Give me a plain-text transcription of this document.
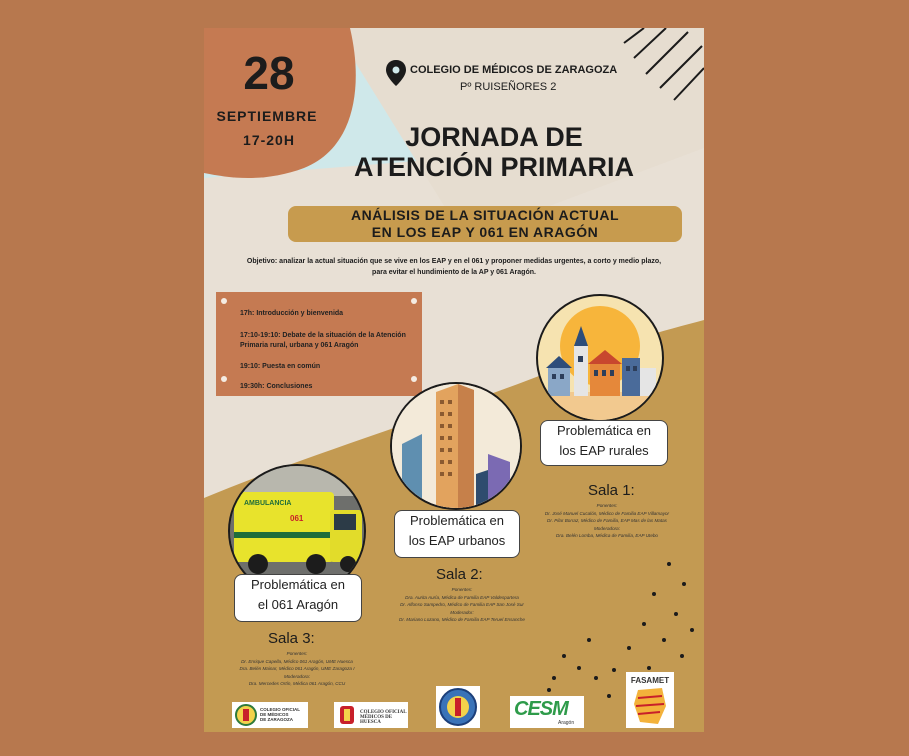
28
SEPTIEMBRE
17-20H
COLEGIO DE MÉDICOS DE ZARAGOZA
Pº RUISEÑORES 2
JORNADA DE
ATENCIÓN PRIMARIA
ANÁLISIS DE LA SITUACIÓN ACTUAL
EN LOS EAP Y 061 EN ARAGÓN
Objetivo: analizar la actual situación que se vive en los EAP y en el 061 y proponer medidas urgentes, a corto y medio plazo,
para evitar el hundimiento de la AP y 061 Aragón.
17h: Introducción y bienvenida
17:10-19:10: Debate de la situación de la Atención Primaria rural, urbana y 061 Aragón
19:10: Puesta en común
19:30h: Conclusiones
Problemática en
los EAP rurales
Sala 1:
Ponentes:
Dr. José Manuel Cucalón, Médico de Familia EAP Villamayor
Dr. Pilar Borraz, Médico de Familia, EAP Mas de las Matas
Moderadora:
Dra. Belén Lomba, Médica de Familia, EAP Utebo
Problemática en
los EAP urbanos
Sala 2:
Ponentes:
Dra. Aurita Auría, Médica de Familia EAP Valdespartera
Dr. Alfonso Sampedro, Médico de Familia EAP San José Sur
Moderador:
Dr. Mariano Lozano, Médico de Familia EAP Teruel Ensanche
AMBULANCIA
061
Problemática en
el 061 Aragón
Sala 3:
Ponentes:
Dr. Enrique Capella, Médico 061 Aragón, UME Huesca
Dra. Belén Mainar, Médico 061 Aragón, UME Zaragoza I
Moderadora:
Dra. Mercedes Ortín, Médica 061 Aragón, CCU
COLEGIO OFICIAL
DE MÉDICOS
DE ZARAGOZA
COLEGIO OFICIAL
MÉDICOS DE HUESCA
CESM
Aragón
FASAMET
